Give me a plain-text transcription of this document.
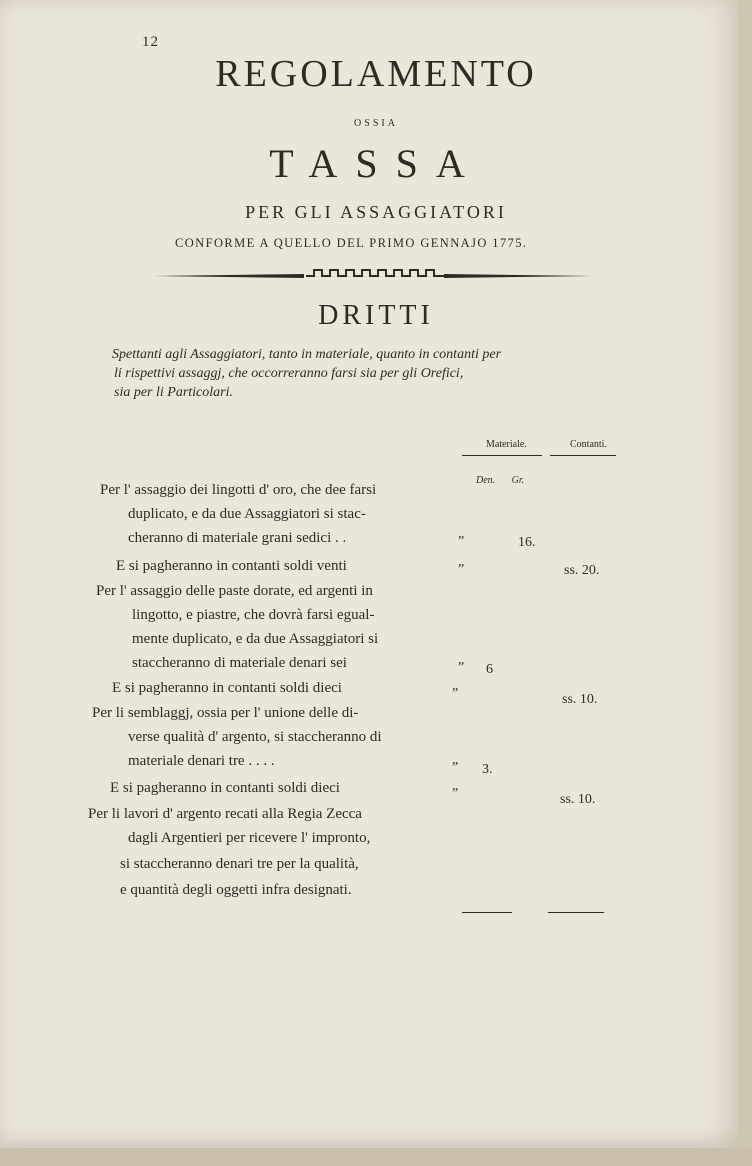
12
REGOLAMENTO
OSSIA
TASSA
PER GLI ASSAGGIATORI
CONFORME A QUELLO DEL PRIMO GENNAJO 1775.
DRITTI
Spettanti agli Assaggiatori, tanto in materiale, quanto in contanti per
li rispettivi assaggj, che occorreranno farsi sia per gli Orefici,
sia per li Particolari.
Materiale.	Contanti.
Den. Gr.
Per l' assaggio dei lingotti d' oro, che dee farsi
duplicato, e da due Assaggiatori si stac-
cheranno di materiale grani sedici . .	”	16.
E si pagheranno in contanti soldi venti	”	ss. 20.
Per l' assaggio delle paste dorate, ed argenti in
lingotto, e piastre, che dovrà farsi egual-
mente duplicato, e da due Assaggiatori si
staccheranno di materiale denari sei	” 6
E si pagheranno in contanti soldi dieci	”	ss. 10.
Per li semblaggj, ossia per l' unione delle di-
verse qualità d' argento, si staccheranno di
materiale denari tre . . . .	” 3.
E si pagheranno in contanti soldi dieci	”	ss. 10.
Per li lavori d' argento recati alla Regia Zecca
dagli Argentieri per ricevere l' impronto,
si staccheranno denari tre per la qualità,
e quantità degli oggetti infra designati.
